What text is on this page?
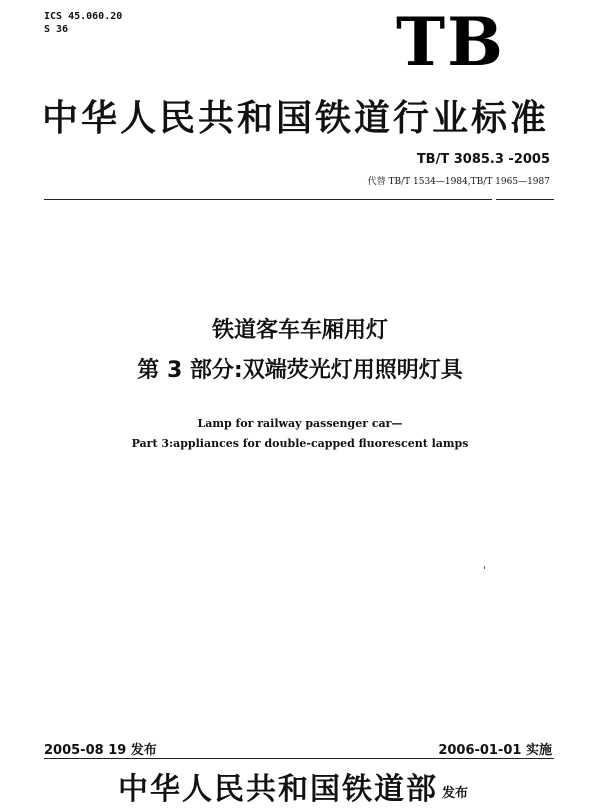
ICS 45.060.20
S 36	TB
中华人民共和国铁道行业标准
TB/T 3085.3 -2005
代替 TB/T 1534—1984,TB/T 1965—1987
铁道客车车厢用灯
第 3 部分:双端荧光灯用照明灯具
Lamp for railway passenger car—
Part 3:appliances for double-capped fluorescent lamps
2005-08 19 发布	2006-01-01 实施
中华人民共和国铁道部 发布
